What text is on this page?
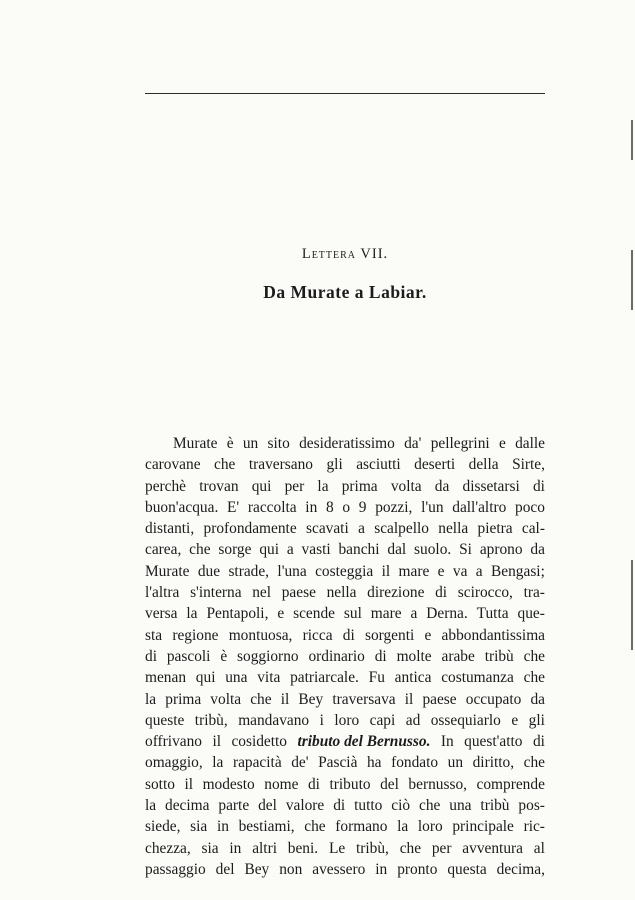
Lettera VII.
Da Murate a Labiar.
Murate è un sito desideratissimo da' pellegrini e dalle
carovane che traversano gli asciutti deserti della Sirte,
perchè trovan qui per la prima volta da dissetarsi di
buon'acqua. E' raccolta in 8 o 9 pozzi, l'un dall'altro poco
distanti, profondamente scavati a scalpello nella pietra cal-
carea, che sorge qui a vasti banchi dal suolo. Si aprono da
Murate due strade, l'una costeggia il mare e va a Bengasi;
l'altra s'interna nel paese nella direzione di scirocco, tra-
versa la Pentapoli, e scende sul mare a Derna. Tutta que-
sta regione montuosa, ricca di sorgenti e abbondantissima
di pascoli è soggiorno ordinario di molte arabe tribù che
menan qui una vita patriarcale. Fu antica costumanza che
la prima volta che il Bey traversava il paese occupato da
queste tribù, mandavano i loro capi ad ossequiarlo e gli
offrivano il cosidetto tributo del Bernusso. In quest'atto di
omaggio, la rapacità de' Pascià ha fondato un diritto, che
sotto il modesto nome di tributo del bernusso, comprende
la decima parte del valore di tutto ciò che una tribù pos-
siede, sia in bestiami, che formano la loro principale ric-
chezza, sia in altri beni. Le tribù, che per avventura al
passaggio del Bey non avessero in pronto questa decima,
